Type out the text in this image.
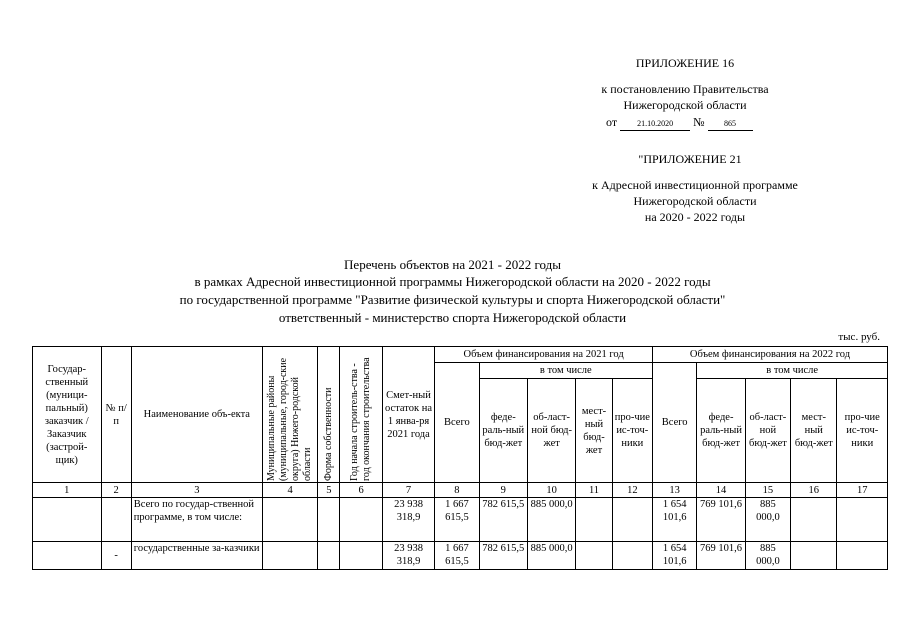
ПРИЛОЖЕНИЕ 16
к постановлению Правительства
Нижегородской области
от	21.10.2020 № 865
"ПРИЛОЖЕНИЕ 21
к Адресной инвестиционной программе
Нижегородской области
на 2020 - 2022 годы
Перечень объектов на 2021 - 2022 годы
в рамках Адресной инвестиционной программы Нижегородской области на 2020 - 2022 годы
по государственной программе "Развитие физической культуры и спорта Нижегородской области"
ответственный - министерство спорта Нижегородской области
тыс. руб.
Государ-ственный (муници-пальный) заказчик / Заказчик (застрой-щик)	№ п/п	Наименование объ-екта	Муниципальные районы (муниципальные, город-ские округа) Нижего-родской области	Форма собственности	Год начала строитель-ства - год окончания строительства	Смет-ный остаток на 1 янва-ря 2021 года	Объем финансирования на 2021 год					Объем финансирования на 2022 год				
							Всего	в том числе				Всего	в том числе			
								феде-раль-ный бюд-жет	об-ласт-ной бюд-жет	мест-ный бюд-жет	про-чие ис-точ-ники		феде-раль-ный бюд-жет	об-ласт-ной бюд-жет	мест-ный бюд-жет	про-чие ис-точ-ники
1	2	3	4	5	6	7	8	9	10	11	12	13	14	15	16	17
		Всего по государ-ственной программе, в том числе:				23 938 318,9	1 667 615,5	782 615,5	885 000,0			1 654 101,6	769 101,6	885 000,0		
	-	государственные за-казчики				23 938 318,9	1 667 615,5	782 615,5	885 000,0			1 654 101,6	769 101,6	885 000,0		
